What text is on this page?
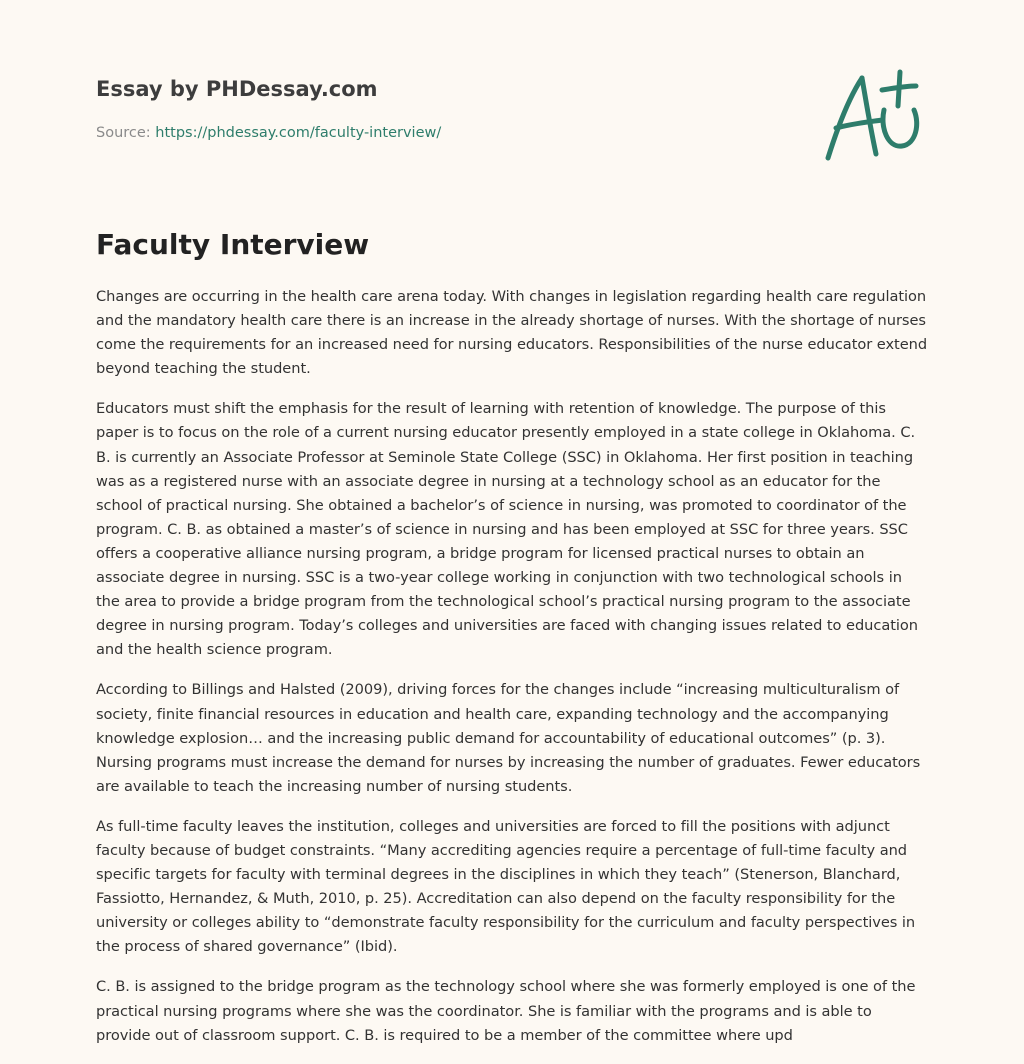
Essay by PHDessay.com
Source: https://phdessay.com/faculty-interview/
Faculty Interview

Changes are occurring in the health care arena today. With changes in legislation regarding health care regulation and the mandatory health care there is an increase in the already shortage of nurses. With the shortage of nurses come the requirements for an increased need for nursing educators. Responsibilities of the nurse educator extend beyond teaching the student.

Educators must shift the emphasis for the result of learning with retention of knowledge. The purpose of this paper is to focus on the role of a current nursing educator presently employed in a state college in Oklahoma. C. B. is currently an Associate Professor at Seminole State College (SSC) in Oklahoma. Her first position in teaching was as a registered nurse with an associate degree in nursing at a technology school as an educator for the school of practical nursing. She obtained a bachelor’s of science in nursing, was promoted to coordinator of the program. C. B. as obtained a master’s of science in nursing and has been employed at SSC for three years. SSC offers a cooperative alliance nursing program, a bridge program for licensed practical nurses to obtain an associate degree in nursing. SSC is a two-year college working in conjunction with two technological schools in the area to provide a bridge program from the technological school’s practical nursing program to the associate degree in nursing program. Today’s colleges and universities are faced with changing issues related to education and the health science program.

According to Billings and Halsted (2009), driving forces for the changes include “increasing multiculturalism of society, finite financial resources in education and health care, expanding technology and the accompanying knowledge explosion… and the increasing public demand for accountability of educational outcomes” (p. 3). Nursing programs must increase the demand for nurses by increasing the number of graduates. Fewer educators are available to teach the increasing number of nursing students.

As full-time faculty leaves the institution, colleges and universities are forced to fill the positions with adjunct faculty because of budget constraints. “Many accrediting agencies require a percentage of full-time faculty and specific targets for faculty with terminal degrees in the disciplines in which they teach” (Stenerson, Blanchard, Fassiotto, Hernandez, & Muth, 2010, p. 25). Accreditation can also depend on the faculty responsibility for the university or colleges ability to “demonstrate faculty responsibility for the curriculum and faculty perspectives in the process of shared governance” (Ibid).

C. B. is assigned to the bridge program as the technology school where she was formerly employed is one of the practical nursing programs where she was the coordinator. She is familiar with the programs and is able to provide out of classroom support. C. B. is required to be a member of the committee where upd
